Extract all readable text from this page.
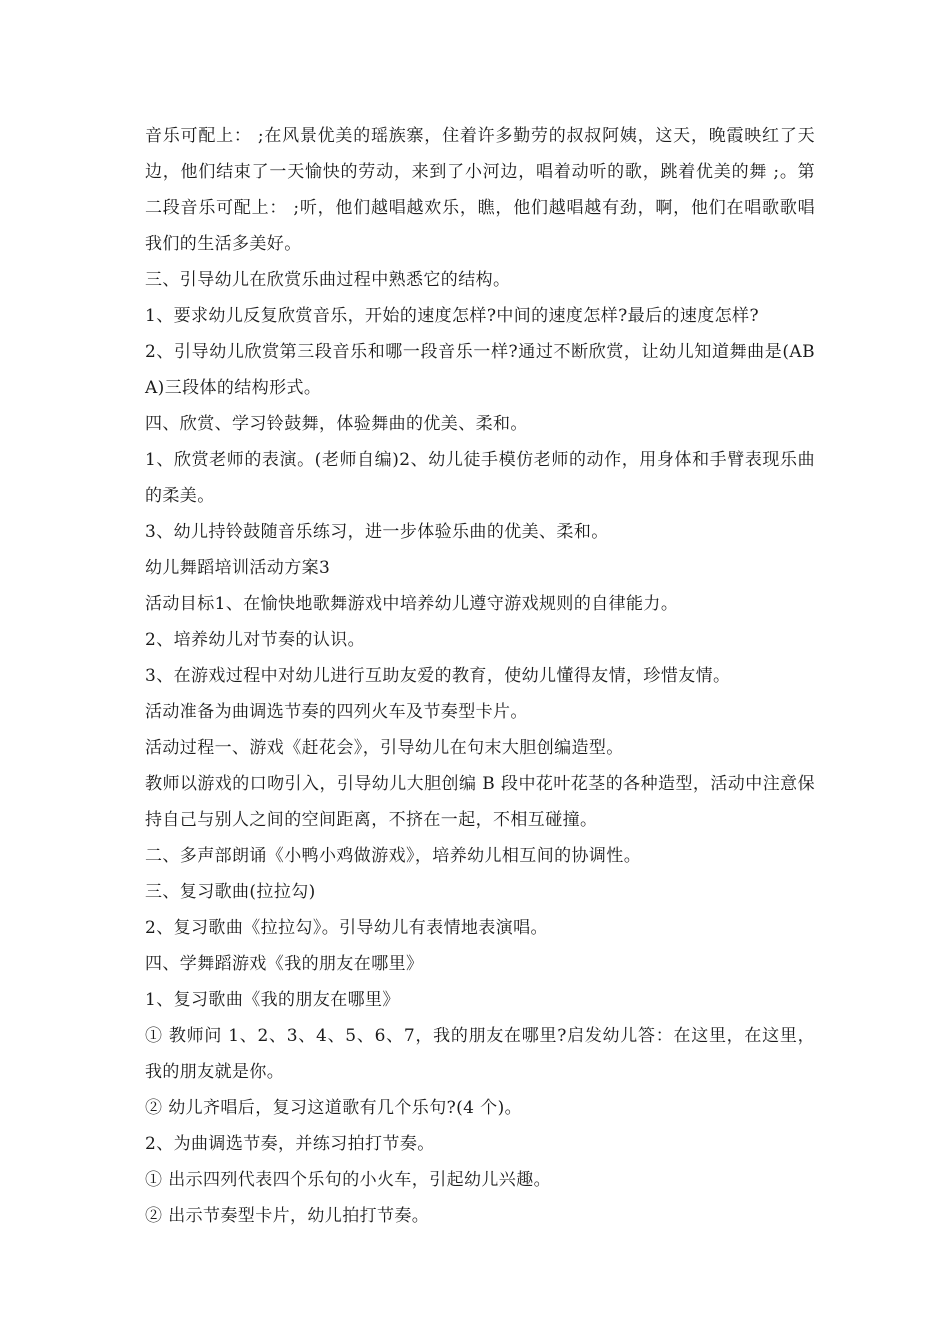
音乐可配上： ;在风景优美的瑶族寨，住着许多勤劳的叔叔阿姨，这天，晚霞映红了天边，他们结束了一天愉快的劳动，来到了小河边，唱着动听的歌，跳着优美的舞 ;。第二段音乐可配上： ;听，他们越唱越欢乐，瞧，他们越唱越有劲，啊，他们在唱歌歌唱我们的生活多美好。

三、引导幼儿在欣赏乐曲过程中熟悉它的结构。

1、要求幼儿反复欣赏音乐，开始的速度怎样?中间的速度怎样?最后的速度怎样?

2、引导幼儿欣赏第三段音乐和哪一段音乐一样?通过不断欣赏，让幼儿知道舞曲是(ABA)三段体的结构形式。

四、欣赏、学习铃鼓舞，体验舞曲的优美、柔和。

1、欣赏老师的表演。(老师自编)2、幼儿徒手模仿老师的动作，用身体和手臂表现乐曲的柔美。

3、幼儿持铃鼓随音乐练习，进一步体验乐曲的优美、柔和。

幼儿舞蹈培训活动方案3

活动目标1、在愉快地歌舞游戏中培养幼儿遵守游戏规则的自律能力。

2、培养幼儿对节奏的认识。

3、在游戏过程中对幼儿进行互助友爱的教育，使幼儿懂得友情，珍惜友情。

活动准备为曲调选节奏的四列火车及节奏型卡片。

活动过程一、游戏《赶花会》，引导幼儿在句末大胆创编造型。

教师以游戏的口吻引入，引导幼儿大胆创编 B 段中花叶花茎的各种造型，活动中注意保持自己与别人之间的空间距离，不挤在一起，不相互碰撞。

二、多声部朗诵《小鸭小鸡做游戏》，培养幼儿相互间的协调性。

三、复习歌曲(拉拉勾)

2、复习歌曲《拉拉勾》。引导幼儿有表情地表演唱。

四、学舞蹈游戏《我的朋友在哪里》

1、复习歌曲《我的朋友在哪里》

① 教师问 1、2、3、4、5、6、7，我的朋友在哪里?启发幼儿答：在这里，在这里，我的朋友就是你。

② 幼儿齐唱后，复习这道歌有几个乐句?(4 个)。

2、为曲调选节奏，并练习拍打节奏。

① 出示四列代表四个乐句的小火车，引起幼儿兴趣。

② 出示节奏型卡片，幼儿拍打节奏。
